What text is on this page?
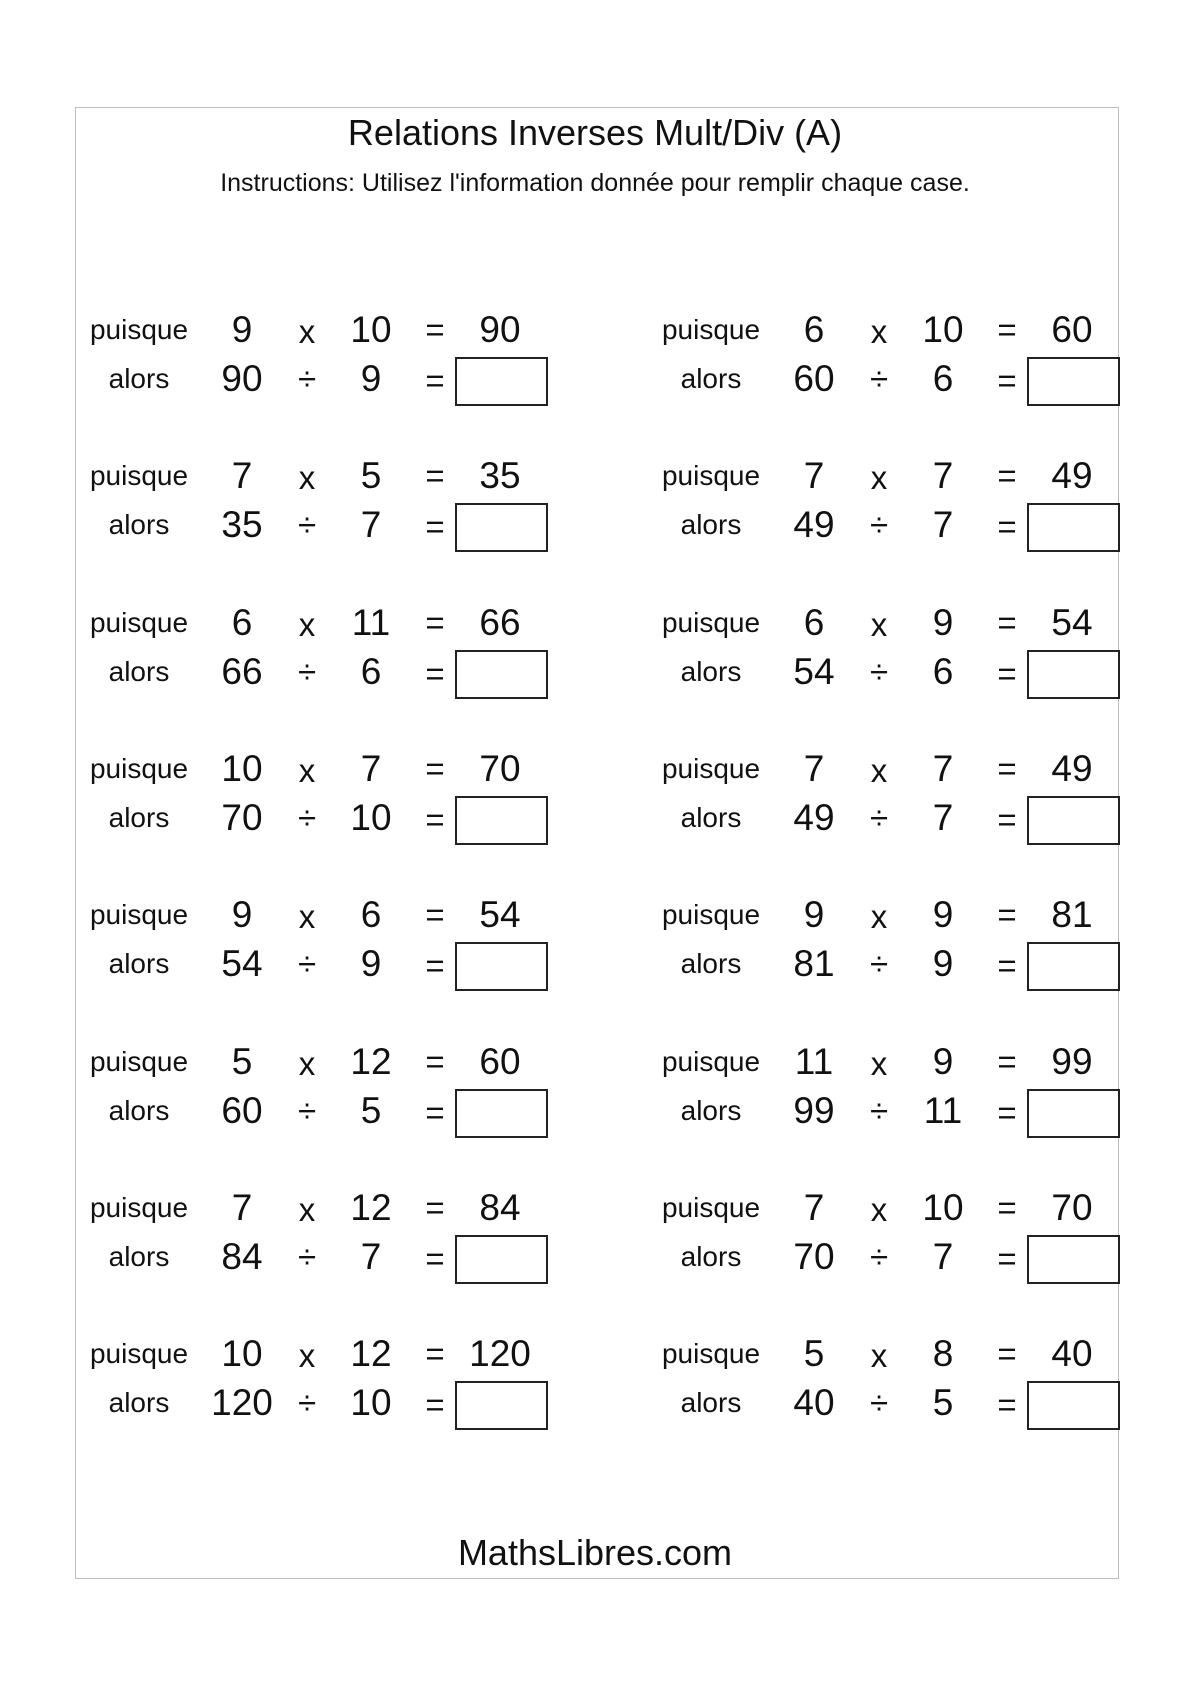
Relations Inverses Mult/Div (A)
Instructions: Utilisez l'information donnée pour remplir chaque case.
puisque	9	x 10	= 90
alors	90	÷	9	=
puisque	6	x 10	= 60
alors	60	÷	6	=
puisque	7	x	5	= 35
alors	35	÷	7	=
puisque	7	x	7	= 49
alors	49	÷	7	=
puisque	6	x 11	= 66
alors	66	÷	6	=
puisque	6	x	9	= 54
alors	54	÷	6	=
puisque 10	x	7	= 70
alors	70	÷ 10	=
puisque	7	x	7	= 49
alors	49	÷	7	=
puisque	9	x	6	= 54
alors	54	÷	9	=
puisque	9	x	9	= 81
alors	81	÷	9	=
puisque	5	x 12	= 60
alors	60	÷	5	=
puisque 11	x	9	= 99
alors	99	÷ 11	=
puisque	7	x 12	= 84
alors	84	÷	7	=
puisque	7	x 10	= 70
alors	70	÷	7	=
puisque 10	x 12	= 120
alors	120 ÷ 10	=
puisque	5	x	8	= 40
alors	40	÷	5	=
MathsLibres.com
